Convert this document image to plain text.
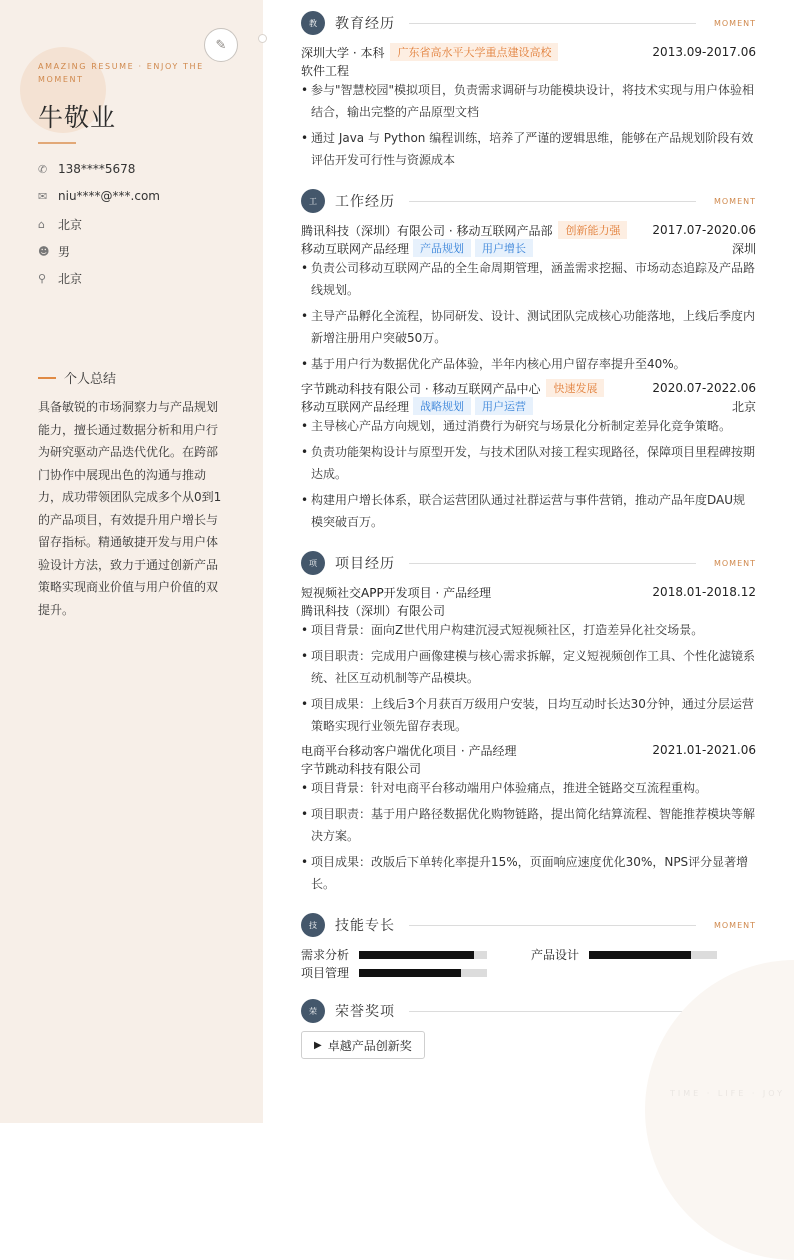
✎
AMAZING RESUME · ENJOY THE MOMENT
牛敬业
✆ 138****5678
✉ niu****@***.com
⌂	北京
☻ 男
⚲ 北京
个人总结
具备敏锐的市场洞察力与产品规划能力，擅长通过数据分析和用户行为研究驱动产品迭代优化。在跨部门协作中展现出色的沟通与推动力，成功带领团队完成多个从0到1的产品项目，有效提升用户增长与留存指标。精通敏捷开发与用户体验设计方法，致力于通过创新产品策略实现商业价值与用户价值的双提升。
教	教育经历	MOMENT
深圳大学 · 本科	广东省高水平大学重点建设高校	2013.09-2017.06
软件工程
• 参与"智慧校园"模拟项目，负责需求调研与功能模块设计，将技术实现与用户体验相结合，输出完整的产品原型文档
• 通过 Java 与 Python 编程训练，培养了严谨的逻辑思维，能够在产品规划阶段有效评估开发可行性与资源成本
工	工作经历	MOMENT
腾讯科技（深圳）有限公司 · 移动互联网产品部	创新能力强	2017.07-2020.06
移动互联网产品经理	产品规划	用户增长	深圳
• 负责公司移动互联网产品的全生命周期管理，涵盖需求挖掘、市场动态追踪及产品路线规划。
• 主导产品孵化全流程，协同研发、设计、测试团队完成核心功能落地，上线后季度内新增注册用户突破50万。
• 基于用户行为数据优化产品体验，半年内核心用户留存率提升至40%。
字节跳动科技有限公司 · 移动互联网产品中心	快速发展	2020.07-2022.06
移动互联网产品经理	战略规划	用户运营	北京
• 主导核心产品方向规划，通过消费行为研究与场景化分析制定差异化竞争策略。
• 负责功能架构设计与原型开发，与技术团队对接工程实现路径，保障项目里程碑按期达成。
• 构建用户增长体系，联合运营团队通过社群运营与事件营销，推动产品年度DAU规模突破百万。
项	项目经历	MOMENT
短视频社交APP开发项目 · 产品经理	2018.01-2018.12
腾讯科技（深圳）有限公司
• 项目背景：面向Z世代用户构建沉浸式短视频社区，打造差异化社交场景。
• 项目职责：完成用户画像建模与核心需求拆解，定义短视频创作工具、个性化滤镜系统、社区互动机制等产品模块。
• 项目成果：上线后3个月获百万级用户安装，日均互动时长达30分钟，通过分层运营策略实现行业领先留存表现。
电商平台移动客户端优化项目 · 产品经理	2021.01-2021.06
字节跳动科技有限公司
• 项目背景：针对电商平台移动端用户体验痛点，推进全链路交互流程重构。
• 项目职责：基于用户路径数据优化购物链路，提出简化结算流程、智能推荐模块等解决方案。
• 项目成果：改版后下单转化率提升15%，页面响应速度优化30%，NPS评分显著增长。
技	技能专长	MOMENT
需求分析	产品设计
项目管理
荣	荣誉奖项
▶ 卓越产品创新奖
TIME · LIFE · JOY
